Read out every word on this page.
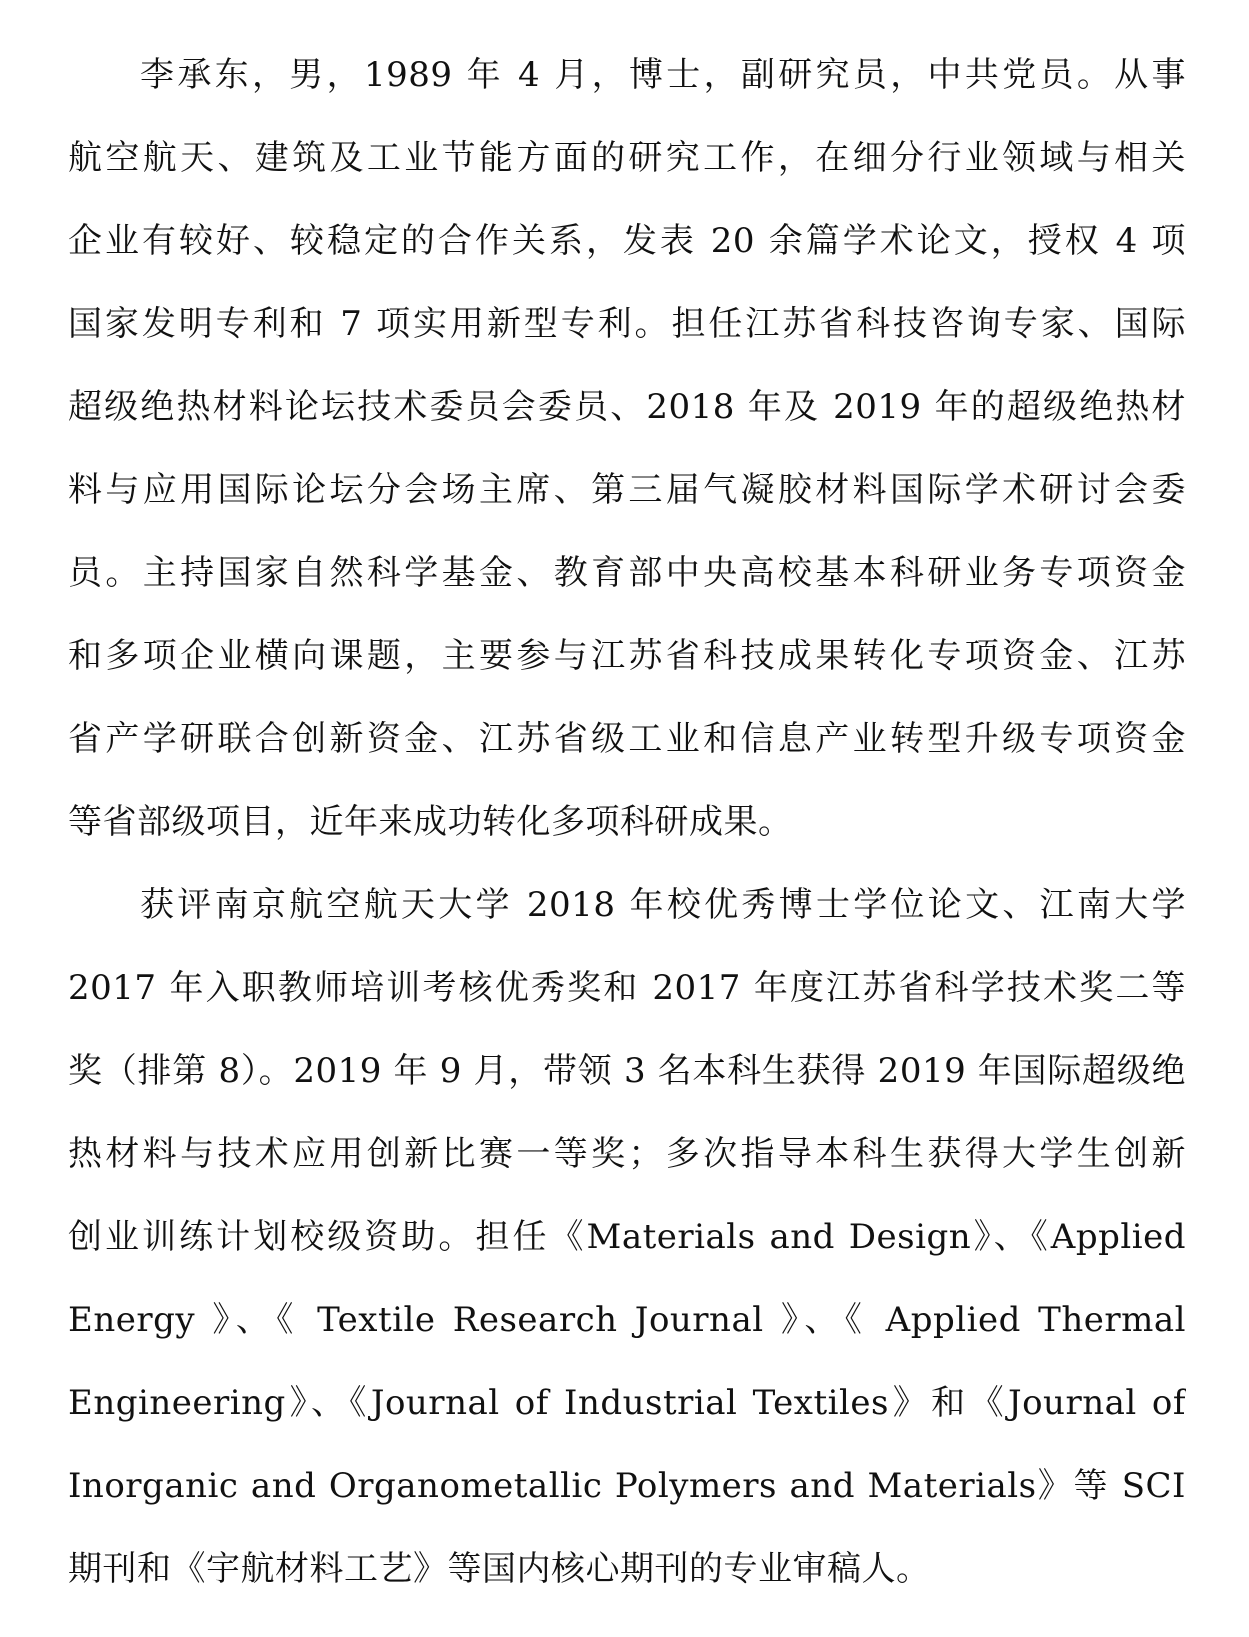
李承东，男，1989 年 4 月，博士，副研究员，中共党员。从事
航空航天、建筑及工业节能方面的研究工作，在细分行业领域与相关
企业有较好、较稳定的合作关系，发表 20 余篇学术论文，授权 4 项
国家发明专利和 7 项实用新型专利。担任江苏省科技咨询专家、国际
超级绝热材料论坛技术委员会委员、2018 年及 2019 年的超级绝热材
料与应用国际论坛分会场主席、第三届气凝胶材料国际学术研讨会委
员。主持国家自然科学基金、教育部中央高校基本科研业务专项资金
和多项企业横向课题，主要参与江苏省科技成果转化专项资金、江苏
省产学研联合创新资金、江苏省级工业和信息产业转型升级专项资金
等省部级项目，近年来成功转化多项科研成果。
获评南京航空航天大学 2018 年校优秀博士学位论文、江南大学
2017 年入职教师培训考核优秀奖和 2017 年度江苏省科学技术奖二等
奖（排第 8）。2019 年 9 月，带领 3 名本科生获得 2019 年国际超级绝
热材料与技术应用创新比赛一等奖；多次指导本科生获得大学生创新
创业训练计划校级资助。担任《Materials and Design》、《Applied
Energy 》、《 Textile Research Journal 》、《 Applied Thermal
Engineering》、《Journal of Industrial Textiles》和《Journal of
Inorganic and Organometallic Polymers and Materials》等 SCI
期刊和《宇航材料工艺》等国内核心期刊的专业审稿人。
